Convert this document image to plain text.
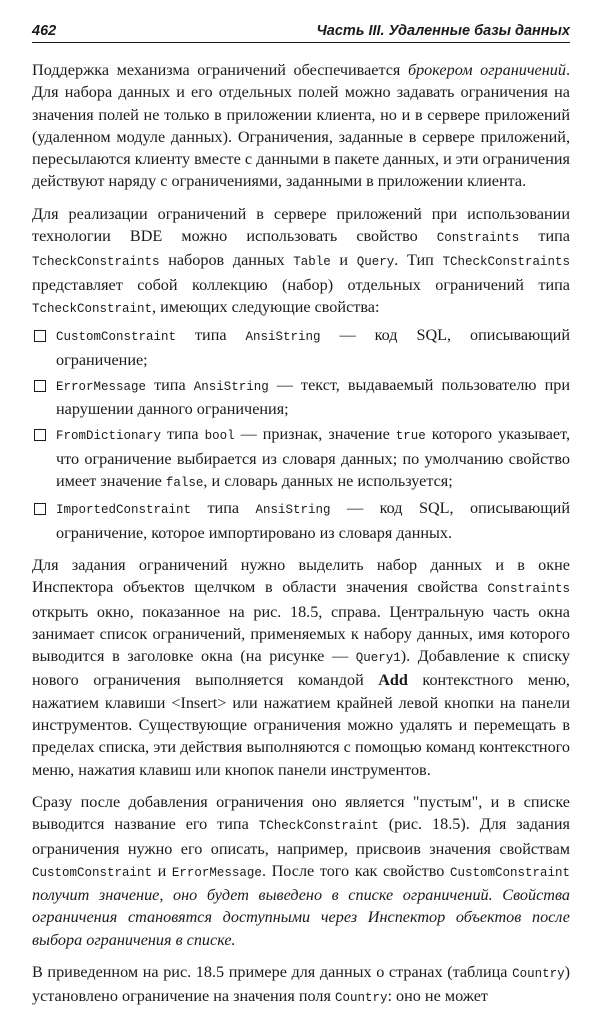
462	Часть III. Удаленные базы данных

Поддержка механизма ограничений обеспечивается брокером ограничений. Для набора данных и его отдельных полей можно задавать ограничения на значения полей не только в приложении клиента, но и в сервере приложений (удаленном модуле данных). Ограничения, заданные в сервере приложений, пересылаются клиенту вместе с данными в пакете данных, и эти ограничения действуют наряду с ограничениями, заданными в приложении клиента.

Для реализации ограничений в сервере приложений при использовании технологии BDE можно использовать свойство Constraints типа TcheckConstraints наборов данных Table и Query. Тип TCheckConstraints представляет собой коллекцию (набор) отдельных ограничений типа TcheckConstraint, имеющих следующие свойства:

CustomConstraint типа AnsiString — код SQL, описывающий ограничение;
ErrorMessage типа AnsiString — текст, выдаваемый пользователю при нарушении данного ограничения;
FromDictionary типа bool — признак, значение true которого указывает, что ограничение выбирается из словаря данных; по умолчанию свойство имеет значение false, и словарь данных не используется;
ImportedConstraint типа AnsiString — код SQL, описывающий ограничение, которое импортировано из словаря данных.

Для задания ограничений нужно выделить набор данных и в окне Инспектора объектов щелчком в области значения свойства Constraints открыть окно, показанное на рис. 18.5, справа. Центральную часть окна занимает список ограничений, применяемых к набору данных, имя которого выводится в заголовке окна (на рисунке — Query1). Добавление к списку нового ограничения выполняется командой Add контекстного меню, нажатием клавиши <Insert> или нажатием крайней левой кнопки на панели инструментов. Существующие ограничения можно удалять и перемещать в пределах списка, эти действия выполняются с помощью команд контекстного меню, нажатия клавиш или кнопок панели инструментов.

Сразу после добавления ограничения оно является "пустым", и в списке выводится название его типа TCheckConstraint (рис. 18.5). Для задания ограничения нужно его описать, например, присвоив значения свойствам CustomConstraint и ErrorMessage. После того как свойство CustomConstraint получит значение, оно будет выведено в списке ограничений. Свойства ограничения становятся доступными через Инспектор объектов после выбора ограничения в списке.

В приведенном на рис. 18.5 примере для данных о странах (таблица Country) установлено ограничение на значения поля Country: оно не может
